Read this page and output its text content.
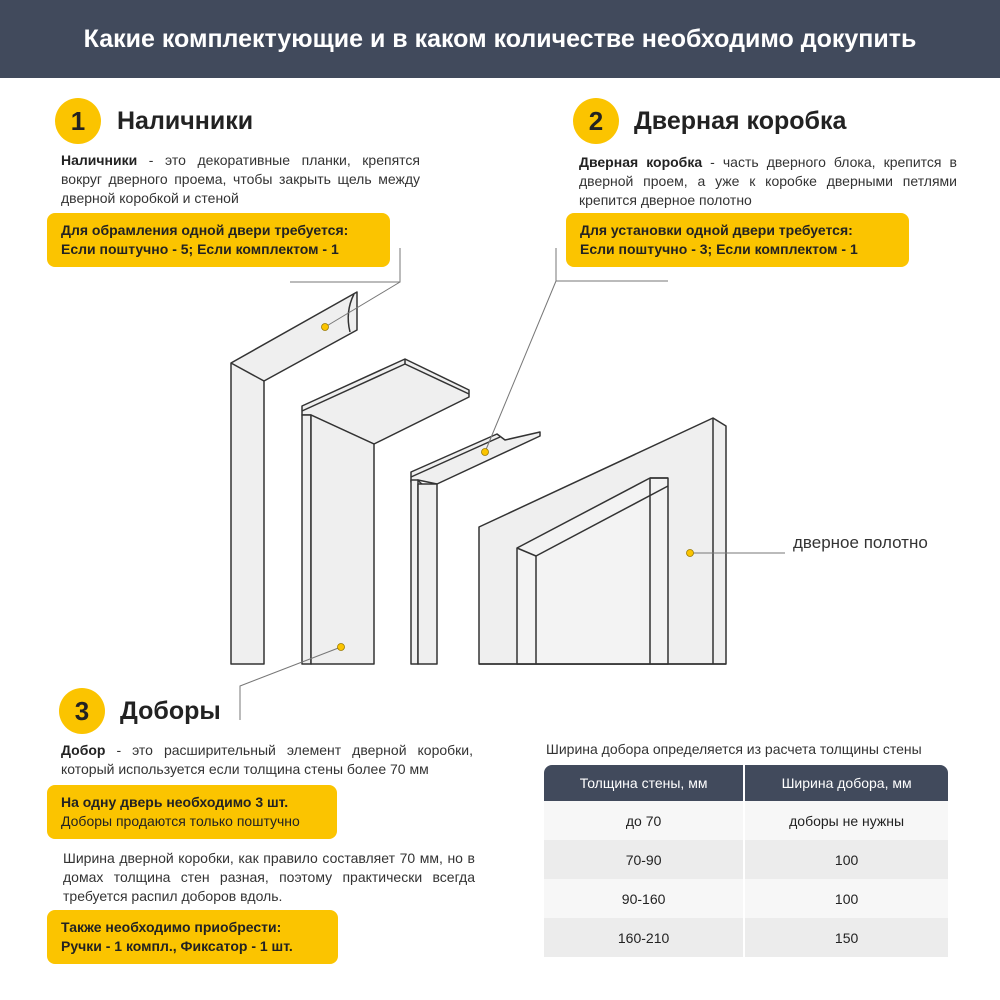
Какие комплектующие и в каком количестве необходимо докупить
1	Наличники
Наличники - это декоративные планки, крепятся вокруг дверного проема, чтобы закрыть щель между дверной коробкой и стеной
Для обрамления одной двери требуется:
Если поштучно - 5; Если комплектом - 1
2	Дверная коробка
Дверная коробка - часть дверного блока, крепится в дверной проем, а уже к коробке дверными петлями крепится дверное полотно
Для установки одной двери требуется:
Если поштучно - 3; Если комплектом - 1
дверное полотно
3	Доборы
Добор - это расширительный элемент дверной коробки, который используется если толщина стены более 70 мм
На одну дверь необходимо 3 шт.
Доборы продаются только поштучно
Ширина дверной коробки, как правило составляет 70 мм, но в домах толщина стен разная, поэтому практически всегда требуется распил доборов вдоль.
Также необходимо приобрести:
Ручки - 1 компл., Фиксатор - 1 шт.
Ширина добора определяется из расчета толщины стены
Толщина стены, мм	Ширина добора, мм
до 70	доборы не нужны
70-90	100
90-160	100
160-210	150
